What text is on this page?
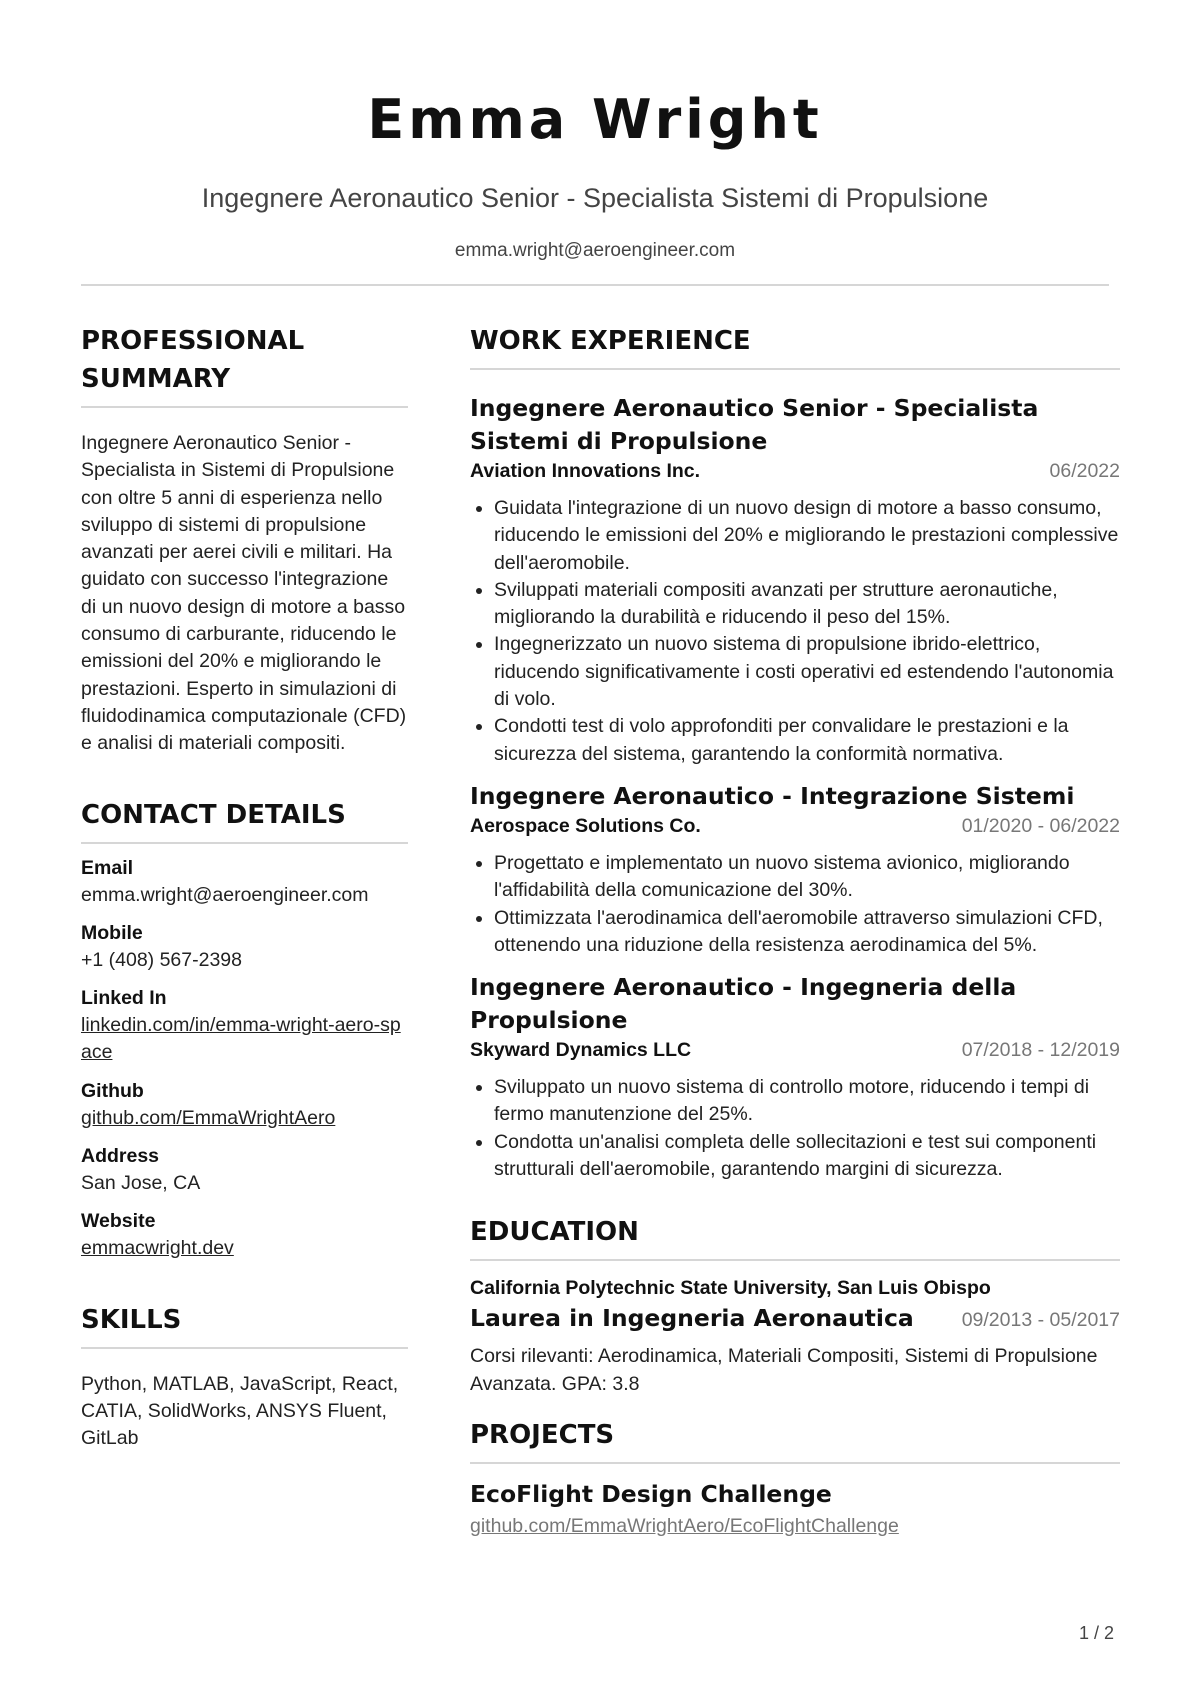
Emma Wright
Ingegnere Aeronautico Senior - Specialista Sistemi di Propulsione
emma.wright@aeroengineer.com
PROFESSIONAL SUMMARY
Ingegnere Aeronautico Senior - Specialista in Sistemi di Propulsione con oltre 5 anni di esperienza nello sviluppo di sistemi di propulsione avanzati per aerei civili e militari. Ha guidato con successo l'integrazione di un nuovo design di motore a basso consumo di carburante, riducendo le emissioni del 20% e migliorando le prestazioni. Esperto in simulazioni di fluidodinamica computazionale (CFD) e analisi di materiali compositi.
CONTACT DETAILS
Email
emma.wright@aeroengineer.com
Mobile
+1 (408) 567-2398
Linked In
linkedin.com/in/emma-wright-aero-space
Github
github.com/EmmaWrightAero
Address
San Jose, CA
Website
emmacwright.dev
SKILLS
Python, MATLAB, JavaScript, React, CATIA, SolidWorks, ANSYS Fluent, GitLab
WORK EXPERIENCE
Ingegnere Aeronautico Senior - Specialista Sistemi di Propulsione
Aviation Innovations Inc.	06/2022
• Guidata l'integrazione di un nuovo design di motore a basso consumo, riducendo le emissioni del 20% e migliorando le prestazioni complessive dell'aeromobile.
• Sviluppati materiali compositi avanzati per strutture aeronautiche, migliorando la durabilità e riducendo il peso del 15%.
• Ingegnerizzato un nuovo sistema di propulsione ibrido-elettrico, riducendo significativamente i costi operativi ed estendendo l'autonomia di volo.
• Condotti test di volo approfonditi per convalidare le prestazioni e la sicurezza del sistema, garantendo la conformità normativa.
Ingegnere Aeronautico - Integrazione Sistemi
Aerospace Solutions Co.	01/2020 - 06/2022
• Progettato e implementato un nuovo sistema avionico, migliorando l'affidabilità della comunicazione del 30%.
• Ottimizzata l'aerodinamica dell'aeromobile attraverso simulazioni CFD, ottenendo una riduzione della resistenza aerodinamica del 5%.
Ingegnere Aeronautico - Ingegneria della Propulsione
Skyward Dynamics LLC	07/2018 - 12/2019
• Sviluppato un nuovo sistema di controllo motore, riducendo i tempi di fermo manutenzione del 25%.
• Condotta un'analisi completa delle sollecitazioni e test sui componenti strutturali dell'aeromobile, garantendo margini di sicurezza.
EDUCATION
California Polytechnic State University, San Luis Obispo
Laurea in Ingegneria Aeronautica 09/2013 - 05/2017
Corsi rilevanti: Aerodinamica, Materiali Compositi, Sistemi di Propulsione Avanzata. GPA: 3.8
PROJECTS
EcoFlight Design Challenge
github.com/EmmaWrightAero/EcoFlightChallenge
1 / 2
